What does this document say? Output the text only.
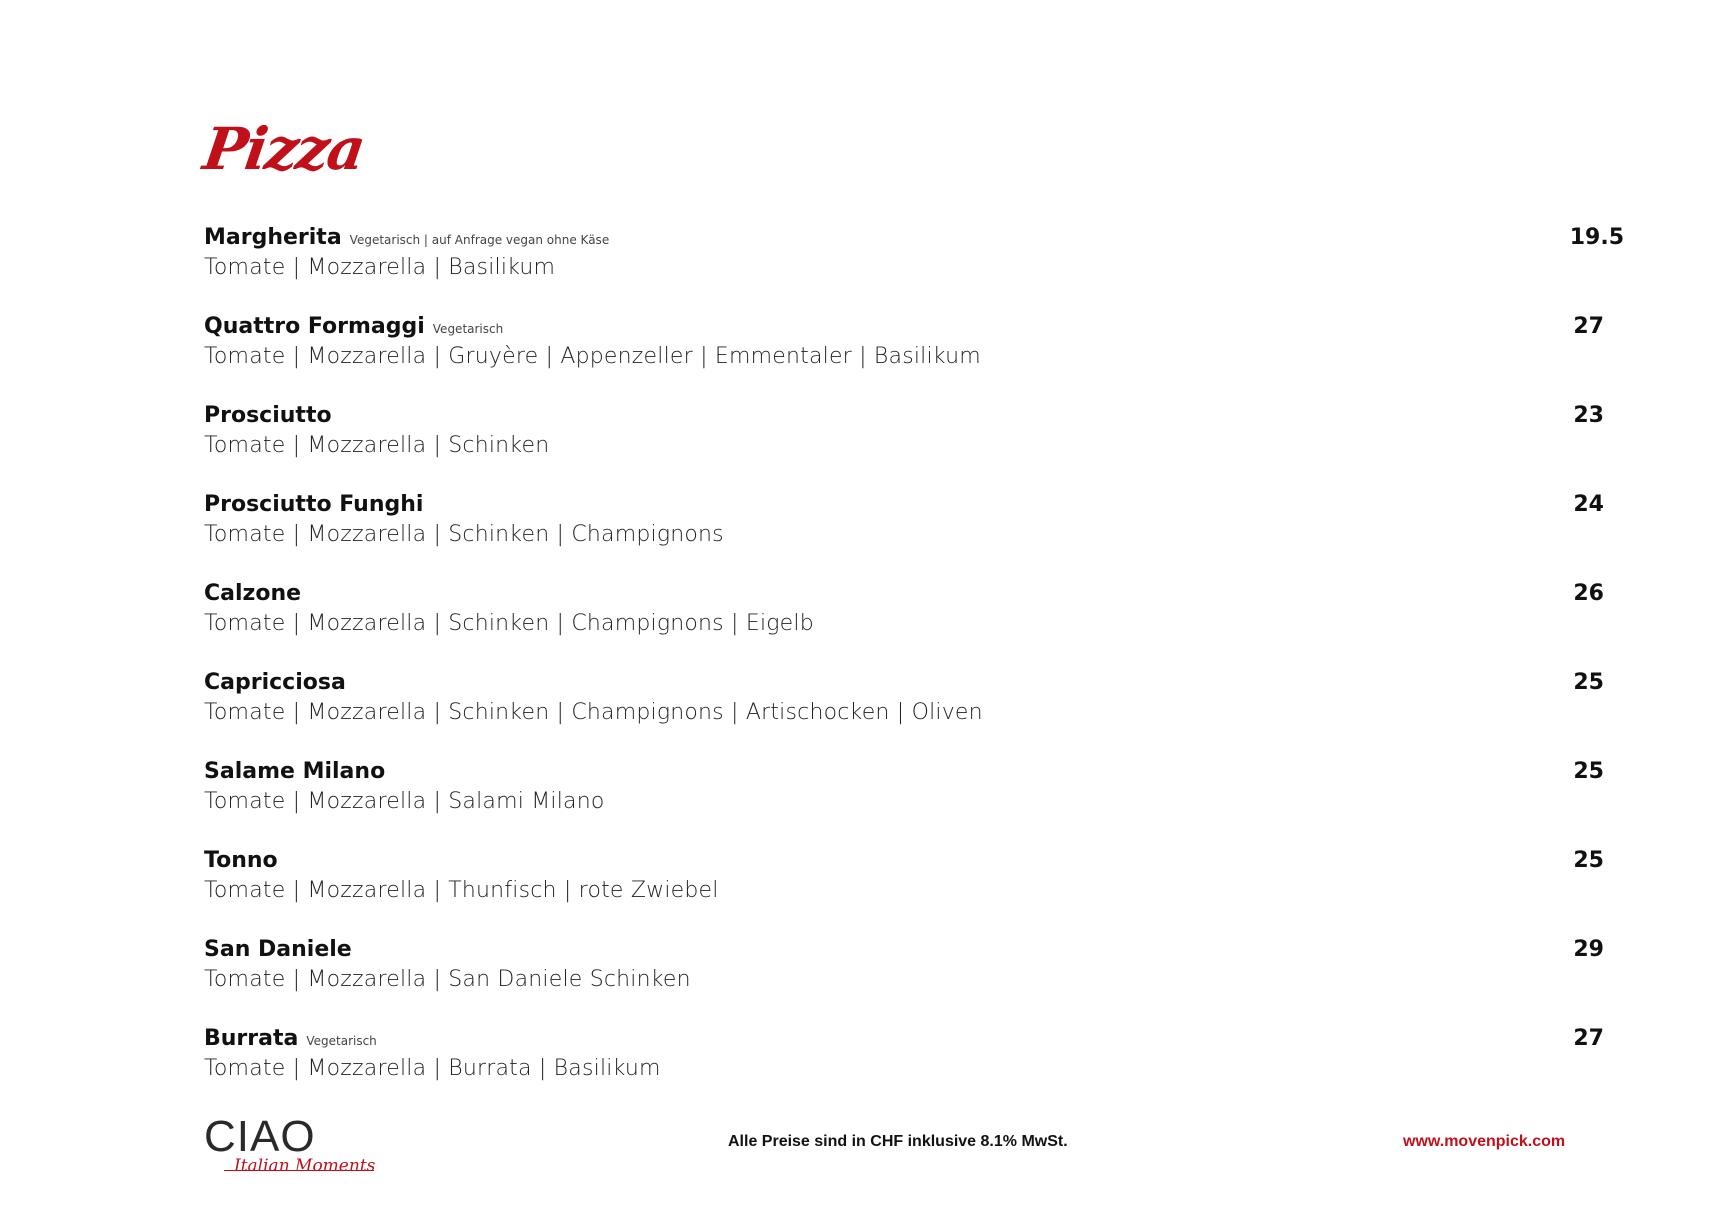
Pizza
Margherita Vegetarisch | auf Anfrage vegan ohne Käse
Tomate | Mozzarella | Basilikum
19.5
Quattro Formaggi Vegetarisch
Tomate | Mozzarella | Gruyère | Appenzeller | Emmentaler | Basilikum
27
Prosciutto
Tomate | Mozzarella | Schinken
23
Prosciutto Funghi
Tomate | Mozzarella | Schinken | Champignons
24
Calzone
Tomate | Mozzarella | Schinken | Champignons | Eigelb
26
Capricciosa
Tomate | Mozzarella | Schinken | Champignons | Artischocken | Oliven
25
Salame Milano
Tomate | Mozzarella | Salami Milano
25
Tonno
Tomate | Mozzarella | Thunfisch | rote Zwiebel
25
San Daniele
Tomate | Mozzarella | San Daniele Schinken
29
Burrata Vegetarisch
Tomate | Mozzarella | Burrata | Basilikum
27
CIAO
Italian Moments
Alle Preise sind in CHF inklusive 8.1% MwSt.	www.movenpick.com
